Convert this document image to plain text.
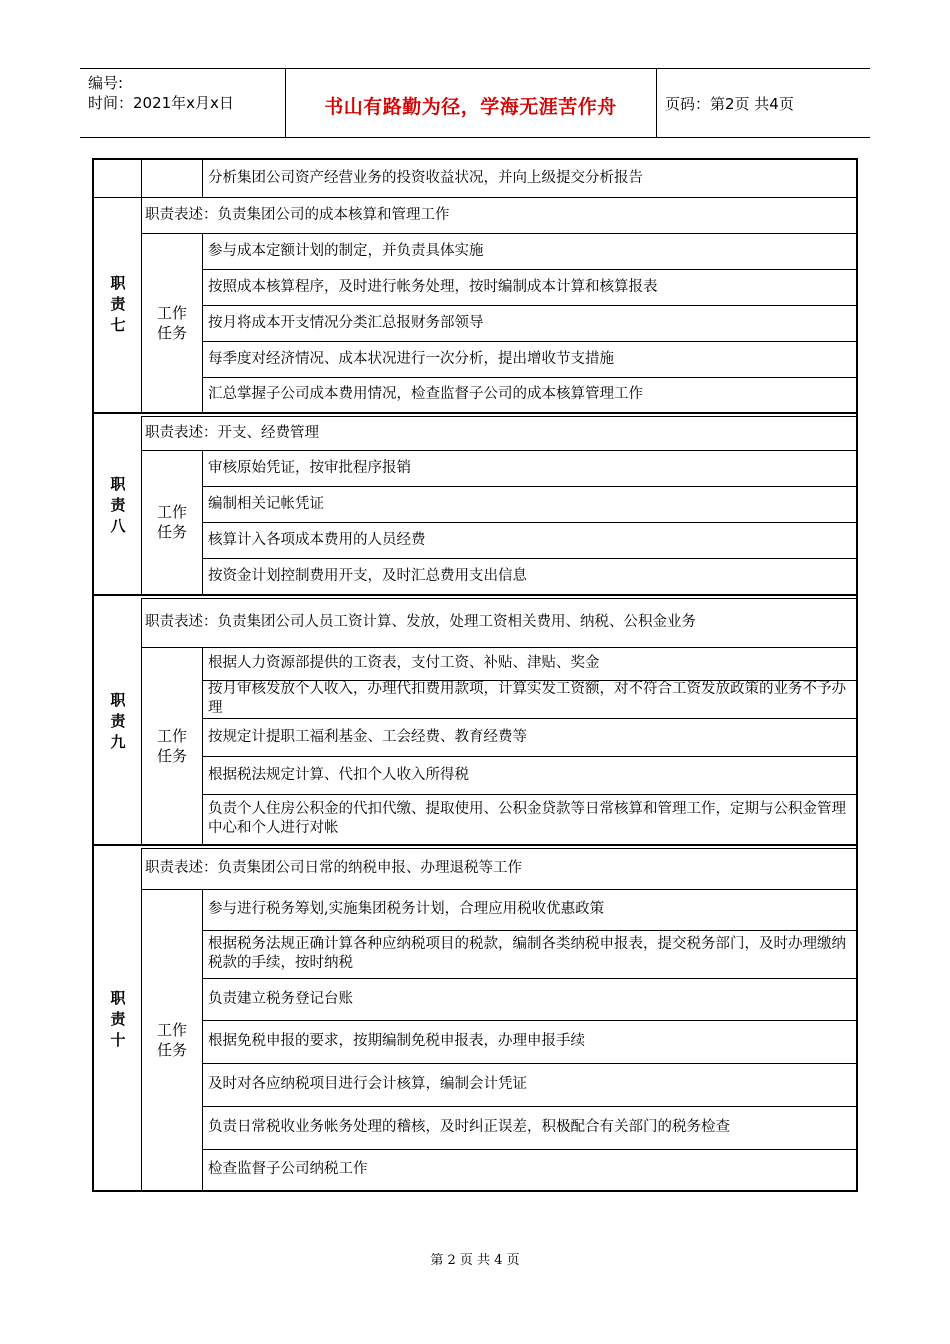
编号:
时间：2021年x月x日	书山有路勤为径，学海无涯苦作舟	页码：第2页 共4页
分析集团公司资产经营业务的投资收益状况，并向上级提交分析报告
职责表述：负责集团公司的成本核算和管理工作
参与成本定额计划的制定，并负责具体实施
按照成本核算程序，及时进行帐务处理，按时编制成本计算和核算报表
按月将成本开支情况分类汇总报财务部领导
每季度对经济情况、成本状况进行一次分析，提出增收节支措施
汇总掌握子公司成本费用情况，检查监督子公司的成本核算管理工作
工作
任务
职
责
七
职责表述：开支、经费管理
审核原始凭证，按审批程序报销
编制相关记帐凭证
核算计入各项成本费用的人员经费
按资金计划控制费用开支，及时汇总费用支出信息
工作
任务
职
责
八
职责表述：负责集团公司人员工资计算、发放，处理工资相关费用、纳税、公积金业务
根据人力资源部提供的工资表，支付工资、补贴、津贴、奖金
按月审核发放个人收入，办理代扣费用款项，计算实发工资额，对不符合工资发放政策的业务不予办理
按规定计提职工福利基金、工会经费、教育经费等
根据税法规定计算、代扣个人收入所得税
负责个人住房公积金的代扣代缴、提取使用、公积金贷款等日常核算和管理工作，定期与公积金管理中心和个人进行对帐
工作
任务
职
责
九
职责表述：负责集团公司日常的纳税申报、办理退税等工作
参与进行税务筹划,实施集团税务计划，合理应用税收优惠政策
根据税务法规正确计算各种应纳税项目的税款，编制各类纳税申报表，提交税务部门，及时办理缴纳税款的手续，按时纳税
负责建立税务登记台账
根据免税申报的要求，按期编制免税申报表，办理申报手续
及时对各应纳税项目进行会计核算，编制会计凭证
负责日常税收业务帐务处理的稽核，及时纠正误差，积极配合有关部门的税务检查
检查监督子公司纳税工作
工作
任务
职
责
十
第 2 页 共 4 页
